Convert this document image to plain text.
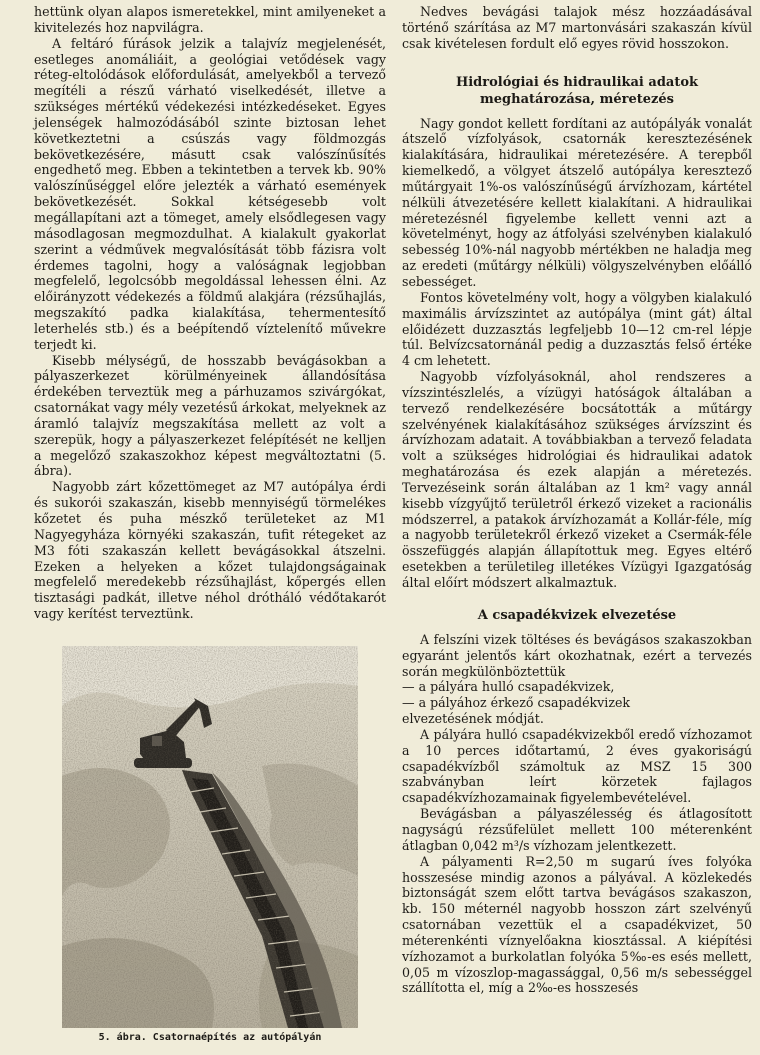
hettünk olyan alapos ismeretekkel, mint amilyeneket a kivitelezés hoz napvilágra.

A feltáró fúrások jelzik a talajvíz megjelenését, esetleges anomáliáit, a geológiai vetődések vagy réteg-eltolódások előfordulását, amelyekből a tervező megítéli a részű várható viselkedését, illetve a szükséges mértékű védekezési intézkedéseket. Egyes jelenségek halmozódásából szinte biztosan lehet következtetni a csúszás vagy földmozgás bekövetkezésére, másutt csak valószínűsítés engedhető meg. Ebben a tekintetben a tervek kb. 90% valószínűséggel előre jelezték a várható események bekövetkezését. Sokkal kétségesebb volt megállapítani azt a tömeget, amely elsődlegesen vagy másodlagosan megmozdulhat. A kialakult gyakorlat szerint a védművek megvalósítását több fázisra volt érdemes tagolni, hogy a valóságnak legjobban megfelelő, legolcsóbb megoldással lehessen élni. Az előirányzott védekezés a földmű alakjára (rézsűhajlás, megszakító padka kialakítása, tehermentesítő leterhelés stb.) és a beépítendő víztelenítő művekre terjedt ki.

Kisebb mélységű, de hosszabb bevágásokban a pályaszerkezet körülményeinek állandósítása érdekében terveztük meg a párhuzamos szivárgókat, csatornákat vagy mély vezetésű árkokat, melyeknek az áramló talajvíz megszakítása mellett az volt a szerepük, hogy a pályaszerkezet felépítését ne kelljen a megelőző szakaszokhoz képest megváltoztatni (5. ábra).

Nagyobb zárt kőzettömeget az M7 autópálya érdi és sukorói szakaszán, kisebb mennyiségű törmelékes kőzetet és puha mészkő területeket az M1 Nagyegyháza környéki szakaszán, tufit rétegeket az M3 fóti szakaszán kellett bevágásokkal átszelni. Ezeken a helyeken a kőzet tulajdongságainak megfelelő meredekebb rézsűhajlást, kőpergés ellen tisztasági padkát, illetve néhol drótháló védőtakarót vagy kerítést terveztünk.

5. ábra. Csatornaépítés az autópályán

Nedves bevágási talajok mész hozzáadásával történő szárítása az M7 martonvásári szakaszán kívül csak kivételesen fordult elő egyes rövid hosszokon.

Hidrológiai és hidraulikai adatok meghatározása, méretezés

Nagy gondot kellett fordítani az autópályák vonalát átszelő vízfolyások, csatornák keresztezésének kialakítására, hidraulikai méretezésére. A terepből kiemelkedő, a völgyet átszelő autópálya keresztező műtárgyait 1%-os valószínűségű árvízhozam, kártétel nélküli átvezetésére kellett kialakítani. A hidraulikai méretezésnél figyelembe kellett venni azt a követelményt, hogy az átfolyási szelvényben kialakuló sebesség 10%-nál nagyobb mértékben ne haladja meg az eredeti (műtárgy nélküli) völgyszelvényben előálló sebességet.

Fontos követelmény volt, hogy a völgyben kialakuló maximális árvízszintet az autópálya (mint gát) által előidézett duzzasztás legfeljebb 10—12 cm-rel lépje túl. Belvízcsatornánál pedig a duzzasztás felső értéke 4 cm lehetett.

Nagyobb vízfolyásoknál, ahol rendszeres a vízszintészlelés, a vízügyi hatóságok általában a tervező rendelkezésére bocsátották a műtárgy szelvényének kialakításához szükséges árvízszint és árvízhozam adatait. A továbbiakban a tervező feladata volt a szükséges hidrológiai és hidraulikai adatok meghatározása és ezek alapján a méretezés. Tervezéseink során általában az 1 km² vagy annál kisebb vízgyűjtő területről érkező vizeket a racionális módszerrel, a patakok árvízhozamát a Kollár-féle, míg a nagyobb területekről érkező vizeket a Csermák-féle összefüggés alapján állapítottuk meg. Egyes eltérő esetekben a területileg illetékes Vízügyi Igazgatóság által előírt módszert alkalmaztuk.

A csapadékvizek elvezetése

A felszíni vizek töltéses és bevágásos szakaszokban egyaránt jelentős kárt okozhatnak, ezért a tervezés során megkülönböztettük

— a pályára hulló csapadékvizek,

— a pályához érkező csapadékvizek

elvezetésének módját.

A pályára hulló csapadékvizekből eredő vízhozamot a 10 perces időtartamú, 2 éves gyakoriságú csapadékvízből számoltuk az MSZ 15 300 szabványban leírt körzetek fajlagos csapadékvízhozamainak figyelembevételével.

Bevágásban a pályaszélesség és átlagosított nagyságú rézsűfelület mellett 100 méterenként átlagban 0,042 m³/s vízhozam jelentkezett.

A pályamenti R=2,50 m sugarú íves folyóka hosszesése mindig azonos a pályával. A közlekedés biztonságát szem előtt tartva bevágásos szakaszon, kb. 150 méternél nagyobb hosszon zárt szelvényű csatornában vezettük el a csapadékvizet, 50 méterenkénti víznyelőakna kiosztással. A kiépítési vízhozamot a burkolatlan folyóka 5‰-es esés mellett, 0,05 m vízoszlop-magassággal, 0,56 m/s sebességgel szállította el, míg a 2‰-es hosszesés
